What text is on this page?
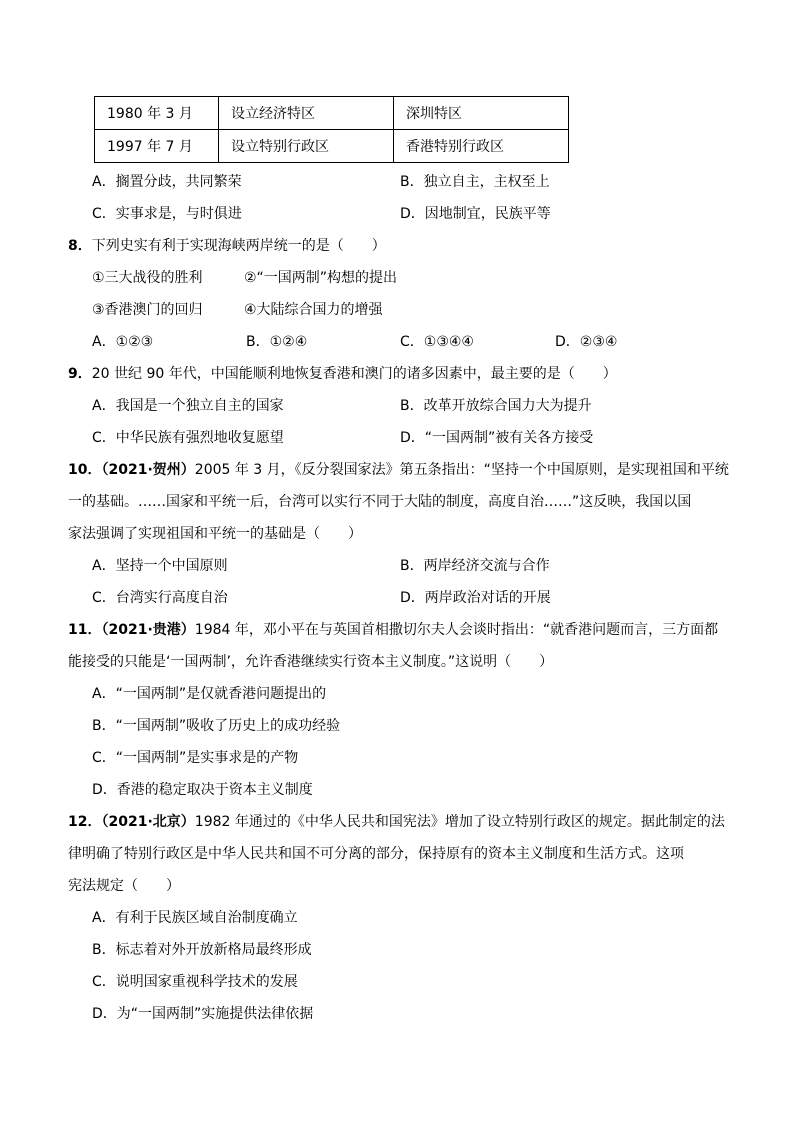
1980 年 3 月	设立经济特区	深圳特区
1997 年 7 月	设立特别行政区	香港特别行政区
A．搁置分歧，共同繁荣	B．独立自主，主权至上
C．实事求是，与时俱进	D．因地制宜，民族平等
8．下列史实有利于实现海峡两岸统一的是（　　）
①三大战役的胜利	②“一国两制”构想的提出
③香港澳门的回归	④大陆综合国力的增强
A．①②③	B．①②④	C．①③④④	D．②③④
9．20 世纪 90 年代，中国能顺利地恢复香港和澳门的诸多因素中，最主要的是（　　）
A．我国是一个独立自主的国家	B．改革开放综合国力大为提升
C．中华民族有强烈地收复愿望	D．“一国两制”被有关各方接受
10．（2021·贺州）2005 年 3 月，《反分裂国家法》第五条指出：“坚持一个中国原则，是实现祖国和平统
一的基础。……国家和平统一后，台湾可以实行不同于大陆的制度，高度自治……”这反映，我国以国
家法强调了实现祖国和平统一的基础是（　　）
A．坚持一个中国原则	B．两岸经济交流与合作
C．台湾实行高度自治	D．两岸政治对话的开展
11．（2021·贵港）1984 年，邓小平在与英国首相撒切尔夫人会谈时指出：“就香港问题而言，三方面都
能接受的只能是‘一国两制’，允许香港继续实行资本主义制度。”这说明（　　）
A．“一国两制”是仅就香港问题提出的
B．“一国两制”吸收了历史上的成功经验
C．“一国两制”是实事求是的产物
D．香港的稳定取决于资本主义制度
12．（2021·北京）1982 年通过的《中华人民共和国宪法》增加了设立特别行政区的规定。据此制定的法
律明确了特别行政区是中华人民共和国不可分离的部分，保持原有的资本主义制度和生活方式。这项
宪法规定（　　）
A．有利于民族区域自治制度确立
B．标志着对外开放新格局最终形成
C．说明国家重视科学技术的发展
D．为“一国两制”实施提供法律依据
